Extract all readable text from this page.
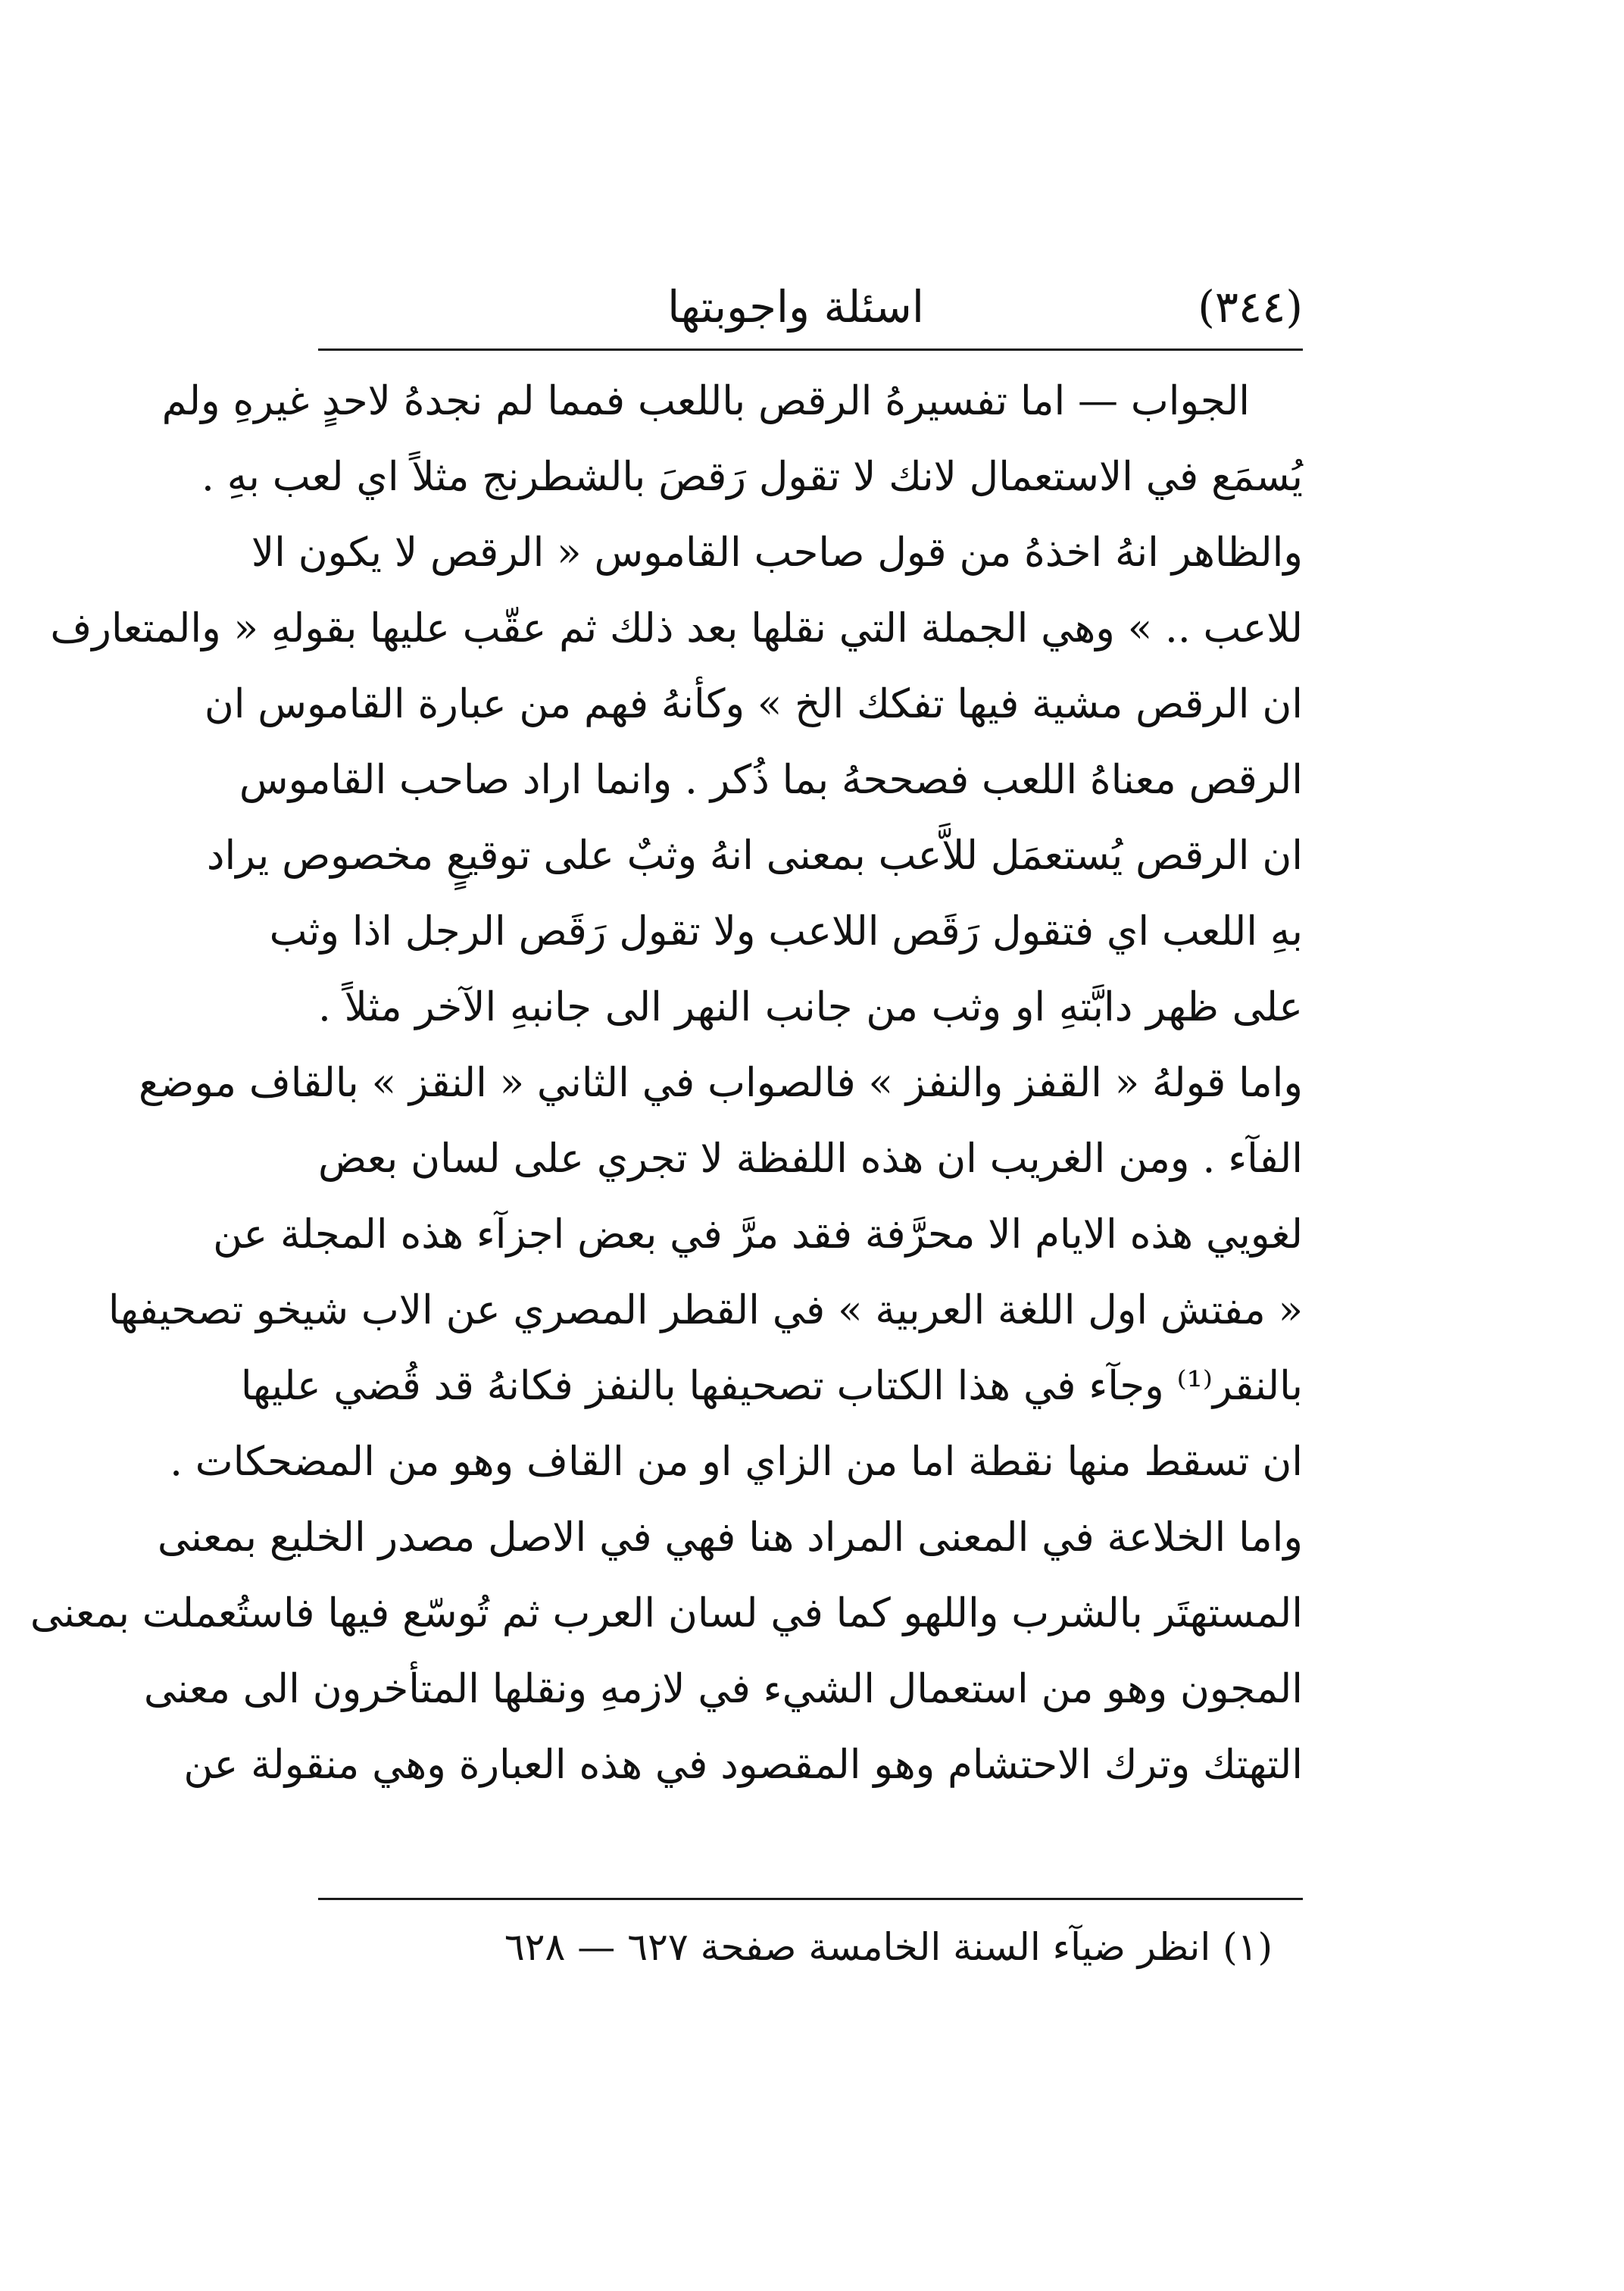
(٣٤٤)
اسئلة واجوبتها
الجواب — اما تفسيرهُ الرقص باللعب فمما لم نجدهُ لاحدٍ غيرهِ ولم
يُسمَع في الاستعمال لانك لا تقول رَقصَ بالشطرنج مثلاً اي لعب بهِ .
والظاهر انهُ اخذهُ من قول صاحب القاموس « الرقص لا يكون الا
للاعب .. » وهي الجملة التي نقلها بعد ذلك ثم عقّب عليها بقولهِ « والمتعارف
ان الرقص مشية فيها تفكك الخ » وكأنهُ فهم من عبارة القاموس ان
الرقص معناهُ اللعب فصححهُ بما ذُكر . وانما اراد صاحب القاموس
ان الرقص يُستعمَل للاَّعب بمعنى انهُ وثبٌ على توقيعٍ مخصوص يراد
بهِ اللعب اي فتقول رَقَص اللاعب ولا تقول رَقَص الرجل اذا وثب
على ظهر دابَّتهِ او وثب من جانب النهر الى جانبهِ الآخر مثلاً .
واما قولهُ « القفز والنفز » فالصواب في الثاني « النقز » بالقاف موضع
الفآء . ومن الغريب ان هذه اللفظة لا تجري على لسان بعض
لغويي هذه الايام الا محرَّفة فقد مرَّ في بعض اجزآء هذه المجلة عن
« مفتش اول اللغة العربية » في القطر المصري عن الاب شيخو تصحيفها
بالنقر⁽¹⁾ وجآء في هذا الكتاب تصحيفها بالنفز فكانهُ قد قُضي عليها
ان تسقط منها نقطة اما من الزاي او من القاف وهو من المضحكات .
واما الخلاعة في المعنى المراد هنا فهي في الاصل مصدر الخليع بمعنى
المستهتَر بالشرب واللهو كما في لسان العرب ثم تُوسّع فيها فاستُعملت بمعنى
المجون وهو من استعمال الشيء في لازمهِ ونقلها المتأخرون الى معنى
التهتك وترك الاحتشام وهو المقصود في هذه العبارة وهي منقولة عن
(١) انظر ضيآء السنة الخامسة صفحة ٦٢٧ — ٦٢٨
